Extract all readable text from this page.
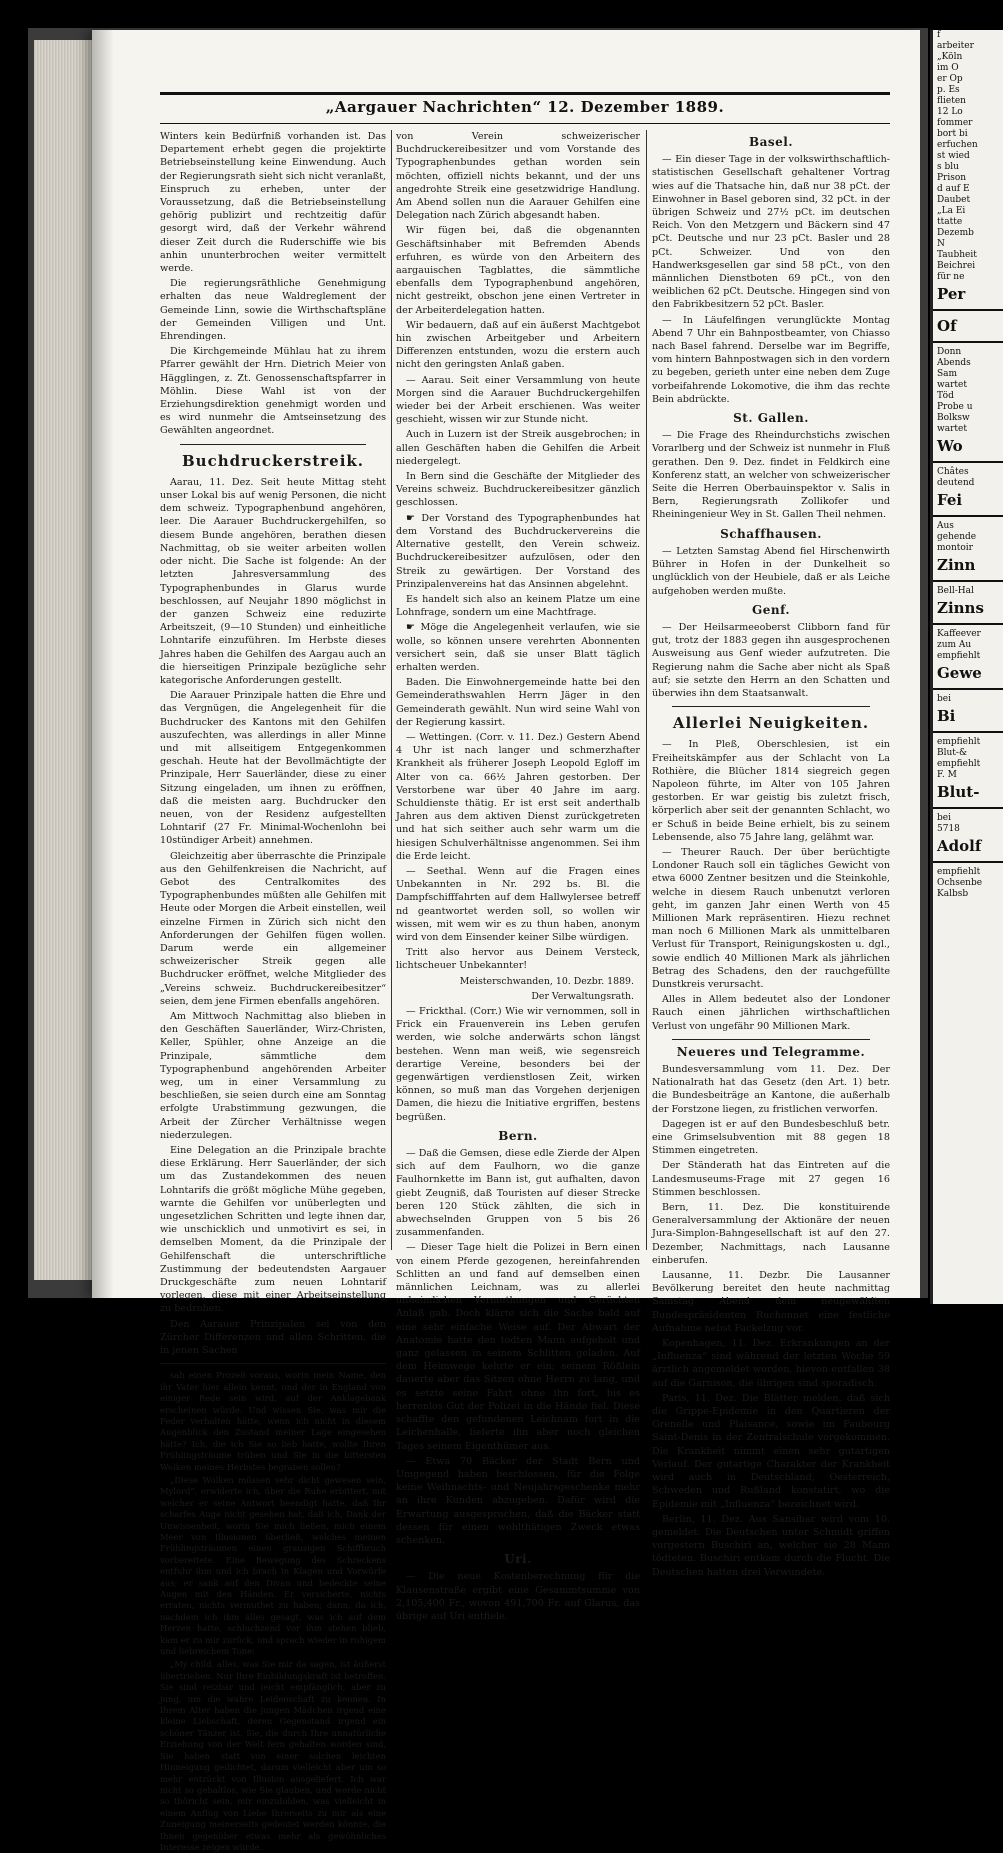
„Aargauer Nachrichten“ 12. Dezember 1889.

Winters kein Bedürfniß vorhanden ist. Das Departement erhebt gegen die projektirte Betriebseinstellung keine Einwendung. Auch der Regierungsrath sieht sich nicht veranlaßt, Einspruch zu erheben, unter der Voraussetzung, daß die Betriebseinstellung gehörig publizirt und rechtzeitig dafür gesorgt wird, daß der Verkehr während dieser Zeit durch die Ruderschiffe wie bis anhin ununterbrochen weiter vermittelt werde.

Die regierungsräthliche Genehmigung erhalten das neue Waldreglement der Gemeinde Linn, sowie die Wirthschaftspläne der Gemeinden Villigen und Unt. Ehrendingen.

Die Kirchgemeinde Mühlau hat zu ihrem Pfarrer gewählt der Hrn. Dietrich Meier von Hägglingen, z. Zt. Genossenschaftspfarrer in Möhlin. Diese Wahl ist von der Erziehungsdirektion genehmigt worden und es wird nunmehr die Amtseinsetzung des Gewählten angeordnet.

Buchdruckerstreik.

Aarau, 11. Dez. Seit heute Mittag steht unser Lokal bis auf wenig Personen, die nicht dem schweiz. Typographenbund angehören, leer. Die Aarauer Buchdruckergehilfen, so diesem Bunde angehören, berathen diesen Nachmittag, ob sie weiter arbeiten wollen oder nicht. Die Sache ist folgende: An der letzten Jahresversammlung des Typographenbundes in Glarus wurde beschlossen, auf Neujahr 1890 möglichst in der ganzen Schweiz eine reduzirte Arbeitszeit, (9—10 Stunden) und einheitliche Lohntarife einzuführen. Im Herbste dieses Jahres haben die Gehilfen des Aargau auch an die hierseitigen Prinzipale bezügliche sehr kategorische Anforderungen gestellt.

Die Aarauer Prinzipale hatten die Ehre und das Vergnügen, die Angelegenheit für die Buchdrucker des Kantons mit den Gehilfen auszufechten, was allerdings in aller Minne und mit allseitigem Entgegenkommen geschah. Heute hat der Bevollmächtigte der Prinzipale, Herr Sauerländer, diese zu einer Sitzung eingeladen, um ihnen zu eröffnen, daß die meisten aarg. Buchdrucker den neuen, von der Residenz aufgestellten Lohntarif (27 Fr. Minimal-Wochenlohn bei 10stündiger Arbeit) annehmen.

Gleichzeitig aber überraschte die Prinzipale aus den Gehilfenkreisen die Nachricht, auf Gebot des Centralkomites des Typographenbundes müßten alle Gehilfen mit Heute oder Morgen die Arbeit einstellen, weil einzelne Firmen in Zürich sich nicht den Anforderungen der Gehilfen fügen wollen. Darum werde ein allgemeiner schweizerischer Streik gegen alle Buchdrucker eröffnet, welche Mitglieder des „Vereins schweiz. Buchdruckereibesitzer“ seien, dem jene Firmen ebenfalls angehören.

Am Mittwoch Nachmittag also blieben in den Geschäften Sauerländer, Wirz-Christen, Keller, Spühler, ohne Anzeige an die Prinzipale, sämmtliche dem Typographenbund angehörenden Arbeiter weg, um in einer Versammlung zu beschließen, sie seien durch eine am Sonntag erfolgte Urabstimmung gezwungen, die Arbeit der Zürcher Verhältnisse wegen niederzulegen.

Eine Delegation an die Prinzipale brachte diese Erklärung. Herr Sauerländer, der sich um das Zustandekommen des neuen Lohntarifs die größt mögliche Mühe gegeben, warnte die Gehilfen vor unüberlegten und ungesetzlichen Schritten und legte ihnen dar, wie unschicklich und unmotivirt es sei, in demselben Moment, da die Prinzipale der Gehilfenschaft die unterschriftliche Zustimmung der bedeutendsten Aargauer Druckgeschäfte zum neuen Lohntarif vorlegen, diese mit einer Arbeitseinstellung zu bedrohen.

Den Aarauer Prinzipalen sei von den Zürcher Differenzen und allen Schritten, die in jenen Sachen

sah einen Prozeß voraus, worin mein Name, den ihr Vater hier allein kennt, und der in England von einiger Rede sein wird, auf der Anklagebank erscheinen würde. Und wissen Sie, was mir die Feder verhalten hätte, wenn ich nicht in diesem Augenblick den Zustand meiner Lage eingesehen hätte? Ich, die ich Sie so lieb hatte, wollte Ihren Frühlingsträume trüben und Sie in die bittersten Wolken meines Herbstes begraben sollen?

„Diese Wolken müssen sehr dicht gewesen sein, Mylord“, erwiderte ich, über die Ruhe erbittert, mit welcher er seine Antwort beendigt hatte, daß Ihr scharfes Auge nicht gesehen hat, daß ich, Dank der Unwissenheit, worin Sie mich ließen, mich einem Meer von Illusionen überließ, welches meinen Frühlingsträumen einen grausigen Schiffbruch vorbereitete. Eine Bewegung des Schreckens entfuhr ihm und ich brach in Klagen und Vorwürfe aus; er sank auf den Divan und bedeckte seine Augen mit den Händen. Er versicherte, nichts erraten, nichts vermuthet zu haben; dann, da ich, nachdem ich ihm alles gesagt, was ich auf dem Herzen hatte, schluchzend vor ihm stehen blieb, kam er zu mir zurück, und sprach wieder in ruhigem und liebreichem Tone:

„My child, alles, was Sie mir da sagen, ist äußerst übertrieben. Nur Ihre Einbildungskraft ist betroffen. Sie sind reizbar und leicht empfänglich, aber zu jung, um die wahre Leidenschaft zu kennen. In Ihrem Alter haben die jungen Mädchen irgend eine kleine Liebschaft, deren Gegenstand irgend ein schöner Tänzer ist. Sie, die durch Ihre unnatürliche Erziehung von der Welt fern gehalten worden sind, Sie haben statt von einer solchen leichten Hinneigung gedichtet, darum vielleicht aber um so mehr entzückt von Illusion ausgeliefert. Ich war nicht so gehaltlos, wie Sie glauben, und werde nicht so thöricht sein, mir einzubilden, was vielleicht in einem Anflug von Liebe Ihrerseits zu mir als eine Zuneigung meinerseits gedeutet werden könnte, die Ihnen gegenüber etwas mehr als gewöhnliches Interesse zeigen würde.

von Verein schweizerischer Buchdruckereibesitzer und vom Vorstande des Typographenbundes gethan worden sein möchten, offiziell nichts bekannt, und der uns angedrohte Streik eine gesetzwidrige Handlung. Am Abend sollen nun die Aarauer Gehilfen eine Delegation nach Zürich abgesandt haben.

Wir fügen bei, daß die obgenannten Geschäftsinhaber mit Befremden Abends erfuhren, es würde von den Arbeitern des aargauischen Tagblattes, die sämmtliche ebenfalls dem Typographenbund angehören, nicht gestreikt, obschon jene einen Vertreter in der Arbeiterdelegation hatten.

Wir bedauern, daß auf ein äußerst Machtgebot hin zwischen Arbeitgeber und Arbeitern Differenzen entstunden, wozu die erstern auch nicht den geringsten Anlaß gaben.

— Aarau. Seit einer Versammlung von heute Morgen sind die Aarauer Buchdruckergehilfen wieder bei der Arbeit erschienen. Was weiter geschieht, wissen wir zur Stunde nicht.

Auch in Luzern ist der Streik ausgebrochen; in allen Geschäften haben die Gehilfen die Arbeit niedergelegt.

In Bern sind die Geschäfte der Mitglieder des Vereins schweiz. Buchdruckereibesitzer gänzlich geschlossen.

☛ Der Vorstand des Typographenbundes hat dem Vorstand des Buchdruckervereins die Alternative gestellt, den Verein schweiz. Buchdruckereibesitzer aufzulösen, oder den Streik zu gewärtigen. Der Vorstand des Prinzipalenvereins hat das Ansinnen abgelehnt.

Es handelt sich also an keinem Platze um eine Lohnfrage, sondern um eine Machtfrage.

☛ Möge die Angelegenheit verlaufen, wie sie wolle, so können unsere verehrten Abonnenten versichert sein, daß sie unser Blatt täglich erhalten werden.

Baden. Die Einwohnergemeinde hatte bei den Gemeinderathswahlen Herrn Jäger in den Gemeinderath gewählt. Nun wird seine Wahl von der Regierung kassirt.

— Wettingen. (Corr. v. 11. Dez.) Gestern Abend 4 Uhr ist nach langer und schmerzhafter Krankheit als früherer Joseph Leopold Egloff im Alter von ca. 66½ Jahren gestorben. Der Verstorbene war über 40 Jahre im aarg. Schuldienste thätig. Er ist erst seit anderthalb Jahren aus dem aktiven Dienst zurückgetreten und hat sich seither auch sehr warm um die hiesigen Schulverhältnisse angenommen. Sei ihm die Erde leicht.

— Seethal. Wenn auf die Fragen eines Unbekannten in Nr. 292 bs. Bl. die Dampfschifffahrten auf dem Hallwylersee betreff nd geantwortet werden soll, so wollen wir wissen, mit wem wir es zu thun haben, anonym wird von dem Einsender keiner Silbe würdigen.

Tritt also hervor aus Deinem Versteck, lichtscheuer Unbekannter!

Meisterschwanden, 10. Dezbr. 1889.
Der Verwaltungsrath.

— Frickthal. (Corr.) Wie wir vernommen, soll in Frick ein Frauenverein ins Leben gerufen werden, wie solche anderwärts schon längst bestehen. Wenn man weiß, wie segensreich derartige Vereine, besonders bei der gegenwärtigen verdienstlosen Zeit, wirken können, so muß man das Vorgehen derjenigen Damen, die hiezu die Initiative ergriffen, bestens begrüßen.

Bern.

— Daß die Gemsen, diese edle Zierde der Alpen sich auf dem Faulhorn, wo die ganze Faulhornkette im Bann ist, gut aufhalten, davon giebt Zeugniß, daß Touristen auf dieser Strecke beren 120 Stück zählten, die sich in abwechselnden Gruppen von 5 bis 26 zusammenfanden.

— Dieser Tage hielt die Polizei in Bern einen von einem Pferde gezogenen, hereinfahrenden Schlitten an und fand auf demselben einen männlichen Leichnam, was zu allerlei unheimlichen Vermuthungen und Gerüchten Anlaß gab. Doch klärte sich die Sache bald auf eine sehr einfache Weise auf. Der Abwart der Anatomie hatte den todten Mann aufgeholt und ganz gelassen in seinem Schlitten geladen. Auf dem Heimwege kehrte er ein; seinem Rößlein dauerte aber das Sitzen ohne Herrn zu lang, und es setzte seine Fahrt ohne ihn fort, bis es herrenlos Gut der Polizei in die Hände fiel. Diese schaffte den gefundenen Leichnam fort in die Leichenhalle, lieferte ihn aber noch gleichen Tages seinem Eigenthümer aus.

— Etwa 70 Bäcker der Stadt Bern und Umgegend haben beschlossen, für die Folge keine Weihnachts- und Neujahrsgeschenke mehr an ihre Kunden abzugeben. Dafür wird die Erwartung ausgesprochen, daß die Bäcker statt dessen für einen wohlthätigen Zweck etwas schenken.

Uri.

— Die neue Kostenberechnung für die Klausenstraße ergibt eine Gesammtsumme von 2,105,400 Fr., wovon 491,700 Fr. auf Glarus, das übrige auf Uri entfiele.

Basel.

— Ein dieser Tage in der volkswirthschaftlich-statistischen Gesellschaft gehaltener Vortrag wies auf die Thatsache hin, daß nur 38 pCt. der Einwohner in Basel geboren sind, 32 pCt. in der übrigen Schweiz und 27½ pCt. im deutschen Reich. Von den Metzgern und Bäckern sind 47 pCt. Deutsche und nur 23 pCt. Basler und 28 pCt. Schweizer. Und von den Handwerksgesellen gar sind 58 pCt., von den männlichen Dienstboten 69 pCt., von den weiblichen 62 pCt. Deutsche. Hingegen sind von den Fabrikbesitzern 52 pCt. Basler.

— In Läufelfingen verunglückte Montag Abend 7 Uhr ein Bahnpostbeamter, von Chiasso nach Basel fahrend. Derselbe war im Begriffe, vom hintern Bahnpostwagen sich in den vordern zu begeben, gerieth unter eine neben dem Zuge vorbeifahrende Lokomotive, die ihm das rechte Bein abdrückte.

St. Gallen.

— Die Frage des Rheindurchstichs zwischen Vorarlberg und der Schweiz ist nunmehr in Fluß gerathen. Den 9. Dez. findet in Feldkirch eine Konferenz statt, an welcher von schweizerischer Seite die Herren Oberbauinspektor v. Salis in Bern, Regierungsrath Zollikofer und Rheiningenieur Wey in St. Gallen Theil nehmen.

Schaffhausen.

— Letzten Samstag Abend fiel Hirschenwirth Bührer in Hofen in der Dunkelheit so unglücklich von der Heubiele, daß er als Leiche aufgehoben werden mußte.

Genf.

— Der Heilsarmeeoberst Clibborn fand für gut, trotz der 1883 gegen ihn ausgesprochenen Ausweisung aus Genf wieder aufzutreten. Die Regierung nahm die Sache aber nicht als Spaß auf; sie setzte den Herrn an den Schatten und überwies ihn dem Staatsanwalt.

Allerlei Neuigkeiten.

— In Pleß, Oberschlesien, ist ein Freiheitskämpfer aus der Schlacht von La Rothière, die Blücher 1814 siegreich gegen Napoleon führte, im Alter von 105 Jahren gestorben. Er war geistig bis zuletzt frisch, körperlich aber seit der genannten Schlacht, wo er Schuß in beide Beine erhielt, bis zu seinem Lebensende, also 75 Jahre lang, gelähmt war.

— Theurer Rauch. Der über berüchtigte Londoner Rauch soll ein tägliches Gewicht von etwa 6000 Zentner besitzen und die Steinkohle, welche in diesem Rauch unbenutzt verloren geht, im ganzen Jahr einen Werth von 45 Millionen Mark repräsentiren. Hiezu rechnet man noch 6 Millionen Mark als unmittelbaren Verlust für Transport, Reinigungskosten u. dgl., sowie endlich 40 Millionen Mark als jährlichen Betrag des Schadens, den der rauchgefüllte Dunstkreis verursacht.

Alles in Allem bedeutet also der Londoner Rauch einen jährlichen wirthschaftlichen Verlust von ungefähr 90 Millionen Mark.

Neueres und Telegramme.

Bundesversammlung vom 11. Dez. Der Nationalrath hat das Gesetz (den Art. 1) betr. die Bundesbeiträge an Kantone, die außerhalb der Forstzone liegen, zu fristlichen verworfen.

Dagegen ist er auf den Bundesbeschluß betr. eine Grimselsubvention mit 88 gegen 18 Stimmen eingetreten.

Der Ständerath hat das Eintreten auf die Landesmuseums-Frage mit 27 gegen 16 Stimmen beschlossen.

Bern, 11. Dez. Die konstituirende Generalversammlung der Aktionäre der neuen Jura-Simplon-Bahngesellschaft ist auf den 27. Dezember, Nachmittags, nach Lausanne einberufen.

Lausanne, 11. Dezbr. Die Lausanner Bevölkerung bereitet den heute nachmittag Samstag Abend dem neugewählten Bundespräsidenten Ruchonnet eine festliche Aufnahme nebst Fackelzug vor.

Kopenhagen, 11. Dez. Erkrankungen an der „Influenza“ sind während der letzten Woche 59 ärztlich angemeldet worden, hievon entfallen 38 auf die Garnison, die übrigen sind sporadisch.

Paris, 11. Dez. Die Blätter melden, daß sich die Grippe-Epidemie in den Quartieren der Grenelle und Plaisance, sowie im Faubourg Saint-Denis in der Zentralschule vorgekommen. Die Krankheit nimmt einen sehr gutartigen Verlauf. Der gutartige Charakter der Krankheit wird auch in Deutschland, Oesterreich, Schweden und Rußland konstatirt, wo die Epidemie mit „Influenza“ bezeichnet wird.

Berlin, 11. Dez. Aus Sansibar wird vom 10. gemeldet: Die Deutschen unter Schmidt griffen vorgestern Buschiri an, welcher sie 28 Mann tödteten. Buschiri entkam durch die Flucht. Die Deutschen hatten drei Verwundete.

f
arbeiter
„Köln
im O
er Op
p. Es
flieten
12 Lo
fommer
bort bi
erfuchen
st wied
s blu
Prison
d auf E
Daubet
„La Ei
ttatte
Dezemb
N
Taubheit
Beichrei
für ne
Per
Of
Donn
Abends
Sam
wartet
Töd
Probe u
Bolksw
wartet
Wo
Châtes
deutend
Fei
Aus
gehende
montoir
Zinn
Bell-Hal
Zinns
Kaffeever
zum Au
empfiehlt
Gewe
bei
Bi
empfiehlt
Blut-&
empfiehlt
F. M
Blut-
bei
5718
Adolf
empfiehlt
Ochsenbe
Kalbsb
